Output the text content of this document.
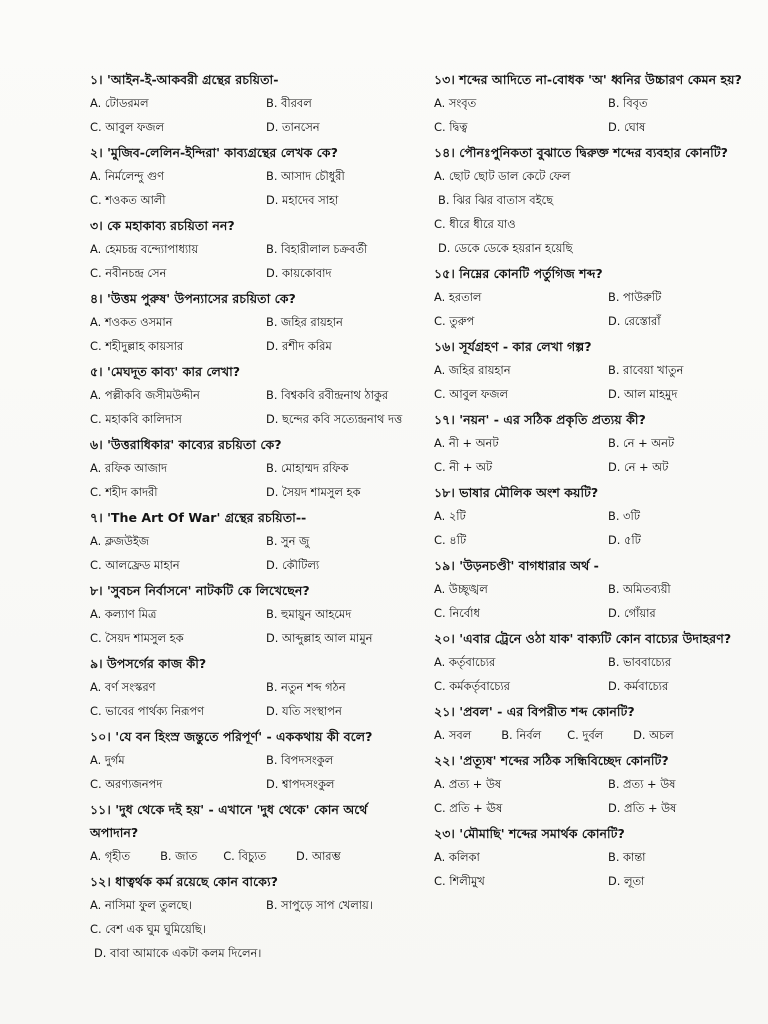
১। 'আইন-ই-আকবরী গ্রন্থের রচয়িতা-
A. টোডরমল	B. বীরবল
C. আবুল ফজল	D. তানসেন
২। 'মুজিব-লেলিন-ইন্দিরা' কাব্যগ্রন্থের লেখক কে?
A. নির্মলেন্দু গুণ	B. আসাদ চৌধুরী
C. শওকত আলী	D. মহাদেব সাহা
৩। কে মহাকাব্য রচয়িতা নন?
A. হেমচন্দ্র বন্দ্যোপাধ্যায়	B. বিহারীলাল চক্রবর্তী
C. নবীনচন্দ্র সেন	D. কায়কোবাদ
৪। 'উত্তম পুরুষ' উপন্যাসের রচয়িতা কে?
A. শওকত ওসমান	B. জহির রায়হান
C. শহীদুল্লাহ কায়সার	D. রশীদ করিম
৫। 'মেঘদূত কাব্য' কার লেখা?
A. পল্লীকবি জসীমউদ্দীন	B. বিশ্বকবি রবীন্দ্রনাথ ঠাকুর
C. মহাকবি কালিদাস	D. ছন্দের কবি সত্যেন্দ্রনাথ দত্ত
৬। 'উত্তরাধিকার' কাব্যের রচয়িতা কে?
A. রফিক আজাদ	B. মোহাম্মদ রফিক
C. শহীদ কাদরী	D. সৈয়দ শামসুল হক
৭। 'The Art Of War' গ্রন্থের রচয়িতা--
A. ক্লজউইজ	B. সুন জু
C. আলফ্রেড মাহান	D. কৌটিল্য
৮। 'সুবচন নির্বাসনে' নাটকটি কে লিখেছেন?
A. কল্যাণ মিত্র	B. হুমায়ুন আহমেদ
C. সৈয়দ শামসুল হক	D. আব্দুল্লাহ আল মামুন
৯। উপসর্গের কাজ কী?
A. বর্ণ সংস্করণ	B. নতুন শব্দ গঠন
C. ভাবের পার্থক্য নিরূপণ	D. যতি সংস্থাপন
১০। 'যে বন হিংস্র জন্তুতে পরিপূর্ণ' - এককথায় কী বলে?
A. দুর্গম	B. বিপদসংকুল
C. অরণ্যজনপদ	D. শ্বাপদসংকুল
১১। 'দুধ থেকে দই হয়' - এখানে 'দুধ থেকে' কোন অর্থে অপাদান?
A. গৃহীত	B. জাত C. বিচ্যুত	D. আরম্ভ
১২। ধাত্বর্থক কর্ম রয়েছে কোন বাক্যে?
A. নাসিমা ফুল তুলছে।	B. সাপুড়ে সাপ খেলায়।
C. বেশ এক ঘুম ঘুমিয়েছি।
D. বাবা আমাকে একটা কলম দিলেন।
১৩। শব্দের আদিতে না-বোধক 'অ' ধ্বনির উচ্চারণ কেমন হয়?
A. সংবৃত	B. বিবৃত
C. দ্বিত্ব	D. ঘোষ
১৪। পৌনঃপুনিকতা বুঝাতে দ্বিরুক্ত শব্দের ব্যবহার কোনটি?
A. ছোট ছোট ডাল কেটে ফেল
B. ঝির ঝির বাতাস বইছে
C. ধীরে ধীরে যাও
D. ডেকে ডেকে হয়রান হয়েছি
১৫। নিম্নের কোনটি পর্তুগিজ শব্দ?
A. হরতাল	B. পাউরুটি
C. তুরুপ	D. রেস্তোরাঁ
১৬। সূর্যগ্রহণ - কার লেখা গল্প?
A. জহির রায়হান	B. রাবেয়া খাতুন
C. আবুল ফজল	D. আল মাহমুদ
১৭। 'নয়ন' - এর সঠিক প্রকৃতি প্রত্যয় কী?
A. নী + অনট	B. নে + অনট
C. নী + অট	D. নে + অট
১৮। ভাষার মৌলিক অংশ কয়টি?
A. ২টি	B. ৩টি
C. ৪টি	D. ৫টি
১৯। 'উড়নচণ্ডী' বাগধারার অর্থ -
A. উচ্ছৃঙ্খল	B. অমিতব্যয়ী
C. নির্বোধ	D. গোঁয়ার
২০। 'এবার ট্রেনে ওঠা যাক' বাক্যটি কোন বাচ্যের উদাহরণ?
A. কর্তৃবাচ্যের	B. ভাববাচ্যের
C. কর্মকর্তৃবাচ্যের	D. কর্মবাচ্যের
২১। 'প্রবল' - এর বিপরীত শব্দ কোনটি?
A. সবল	B. নির্বল C. দুর্বল	D. অচল
২২। 'প্রত্যূষ' শব্দের সঠিক সন্ধিবিচ্ছেদ কোনটি?
A. প্রত্য + উষ	B. প্রত্য + উষ
C. প্রতি + ঊষ	D. প্রতি + উষ
২৩। 'মৌমাছি' শব্দের সমার্থক কোনটি?
A. কলিকা	B. কান্তা
C. শিলীমুখ	D. লূতা
